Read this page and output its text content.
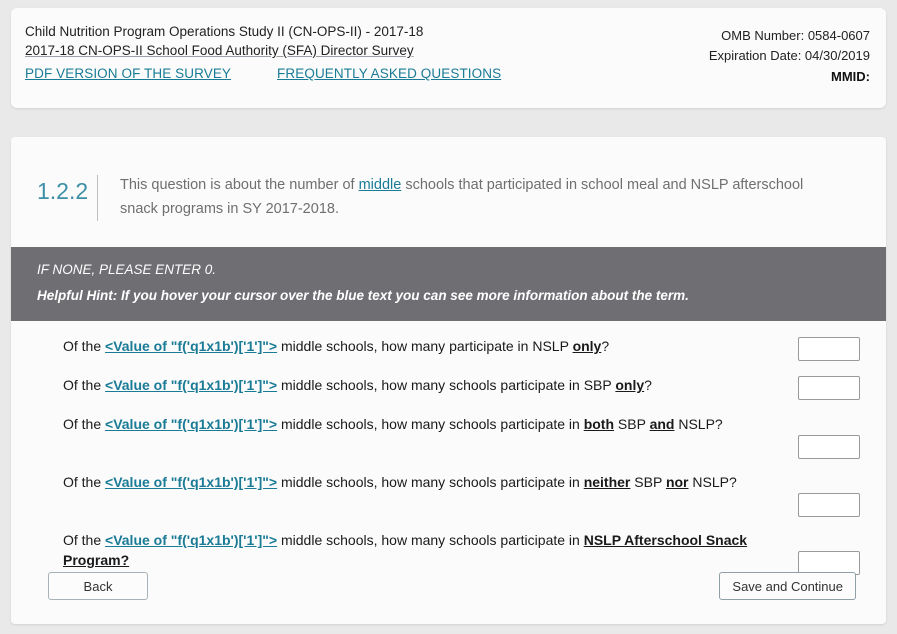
Child Nutrition Program Operations Study II (CN-OPS-II) - 2017-18
2017-18 CN-OPS-II School Food Authority (SFA) Director Survey
PDF VERSION OF THE SURVEY	FREQUENTLY ASKED QUESTIONS
OMB Number: 0584-0607
Expiration Date: 04/30/2019
MMID:
1.2.2	This question is about the number of middle schools that participated in school meal and NSLP afterschool snack programs in SY 2017-2018.
IF NONE, PLEASE ENTER 0.
Helpful Hint: If you hover your cursor over the blue text you can see more information about the term.
Of the <Value of "f('q1x1b')['1']"> middle schools, how many participate in NSLP only?
Of the <Value of "f('q1x1b')['1']"> middle schools, how many schools participate in SBP only?
Of the <Value of "f('q1x1b')['1']"> middle schools, how many schools participate in both SBP and NSLP?
Of the <Value of "f('q1x1b')['1']"> middle schools, how many schools participate in neither SBP nor NSLP?
Of the <Value of "f('q1x1b')['1']"> middle schools, how many schools participate in NSLP Afterschool Snack Program?
Back	Save and Continue
